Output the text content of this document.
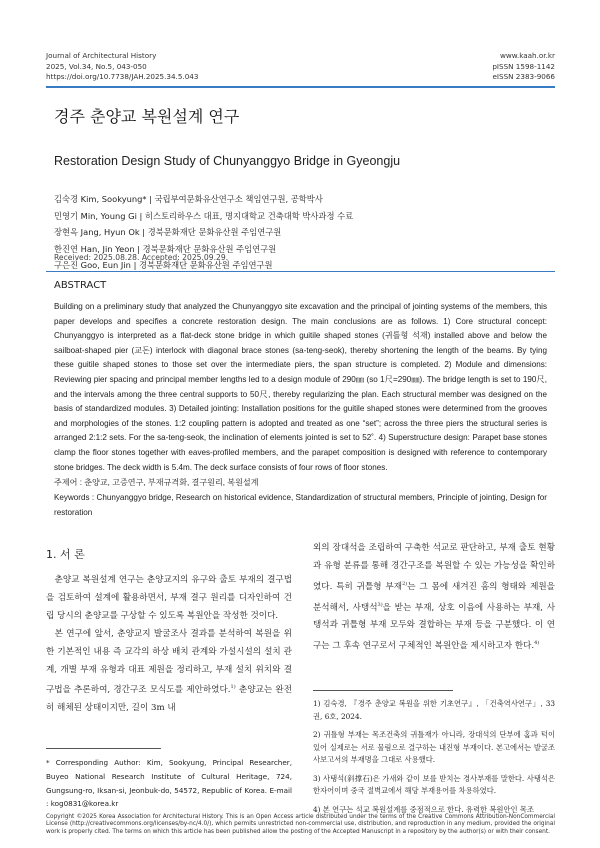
Journal of Architectural History
2025, Vol.34, No.5, 043-050
https://doi.org/10.7738/JAH.2025.34.5.043
www.kaah.or.kr
pISSN 1598-1142
eISSN 2383-9066
경주 춘양교 복원설계 연구
Restoration Design Study of Chunyanggyo Bridge in Gyeongju
김숙경 Kim, Sookyung* | 국립부여문화유산연구소 책임연구원, 공학박사
민영기 Min, Young Gi | 히스토리하우스 대표, 명지대학교 건축대학 박사과정 수료
장현옥 Jang, Hyun Ok | 경북문화재단 문화유산원 주임연구원
한진연 Han, Jin Yeon | 경북문화재단 문화유산원 주임연구원
구은진 Goo, Eun Jin | 경북문화재단 문화유산원 주임연구원
Received: 2025.08.28. Accepted: 2025.09.29.
ABSTRACT
Building on a preliminary study that analyzed the Chunyanggyo site excavation and the principal of jointing systems of the members, this paper develops and specifies a concrete restoration design. The main conclusions are as follows. 1) Core structural concept: Chunyanggyo is interpreted as a flat-deck stone bridge in which guitile shaped stones (귀틀형 석재) installed above and below the sailboat-shaped pier (교돈) interlock with diagonal brace stones (sa-teng-seok), thereby shortening the length of the beams. By tying these guitile shaped stones to those set over the intermediate piers, the span structure is completed. 2) Module and dimensions: Reviewing pier spacing and principal member lengths led to a design module of 290㎜ (so 1尺=290㎜). The bridge length is set to 190尺, and the intervals among the three central supports to 50尺, thereby regularizing the plan. Each structural member was designed on the basis of standardized modules. 3) Detailed jointing: Installation positions for the guitile shaped stones were determined from the grooves and morphologies of the stones. 1:2 coupling pattern is adopted and treated as one “set”; across the three piers the structural series is arranged 2:1:2 sets. For the sa-teng-seok, the inclination of elements jointed is set to 52˚. 4) Superstructure design: Parapet base stones clamp the floor stones together with eaves-profiled members, and the parapet composition is designed with reference to contemporary stone bridges. The deck width is 5.4m. The deck surface consists of four rows of floor stones.
주제어 : 춘양교, 고증연구, 부재규격화, 결구원리, 복원설계
Keywords : Chunyanggyo bridge, Research on historical evidence, Standardization of structural members, Principle of jointing, Design for restoration
1. 서 론

춘양교 복원설계 연구는 춘양교지의 유구와 출토 부재의 결구법을 검토하여 설계에 활용하면서, 부재 결구 원리를 디자인하여 건립 당시의 춘양교를 구상할 수 있도록 복원안을 작성한 것이다.

본 연구에 앞서, 춘양교지 발굴조사 결과를 분석하여 복원을 위한 기본적인 내용 즉 교각의 하상 배치 관계와 가설시설의 설치 관계, 개별 부재 유형과 대표 제원을 정리하고, 부재 설치 위치와 결구법을 추론하여, 경간구조 모식도를 제안하였다.$^{1)}$ 춘양교는 완전히 해체된 상태이지만, 길이 3m 내

* Corresponding Author: Kim, Sookyung, Principal Researcher, Buyeo National Research Institute of Cultural Heritage, 724, Gungsung-ro, Iksan-si, Jeonbuk-do, 54572, Republic of Korea. E-mail : kog0831@korea.kr
외의 장대석을 조립하여 구축한 석교로 판단하고, 부재 출토 현황과 유형 분류를 통해 경간구조를 복원할 수 있는 가능성을 확인하였다. 특히 귀틀형 부재$^{2)}$는 그 몸에 새겨진 홈의 형태와 제원을 분석해서, 사탱석$^{3)}$을 받는 부재, 상호 이음에 사용하는 부재, 사탱석과 귀틀형 부재 모두와 결합하는 부재 등을 구분했다. 이 연구는 그 후속 연구로서 구체적인 복원안을 제시하고자 한다.$^{4)}$

1) 김숙경, 『경주 춘양교 복원을 위한 기초연구』, 「건축역사연구」, 33권, 6호, 2024.

2) 귀틀형 부재는 목조건축의 귀틀재가 아니라, 장대석의 단부에 홈과 턱이 있어 실제로는 서로 물림으로 결구하는 내진형 부재이다. 본고에서는 발굴조사보고서의 부재명을 그대로 사용했다.

3) 사탱석(斜撑石)은 가새와 같이 보를 받치는 경사부재를 말한다. 사탱석은 한자어이며 중국 절벽교에서 해당 부재용어를 차용하였다.

4) 본 연구는 석교 복원설계를 중점적으로 한다. 유력한 복원안인 목조

Copyright ©2025 Korea Association for Architectural History. This is an Open Access article distributed under the terms of the Creative Commons Attribution-NonCommercial License (http://creativecommons.org/licenses/by-nc/4.0/), which permits unrestricted non-commercial use, distribution, and reproduction in any medium, provided the original work is properly cited. The terms on which this article has been published allow the posting of the Accepted Manuscript in a repository by the author(s) or with their consent.
